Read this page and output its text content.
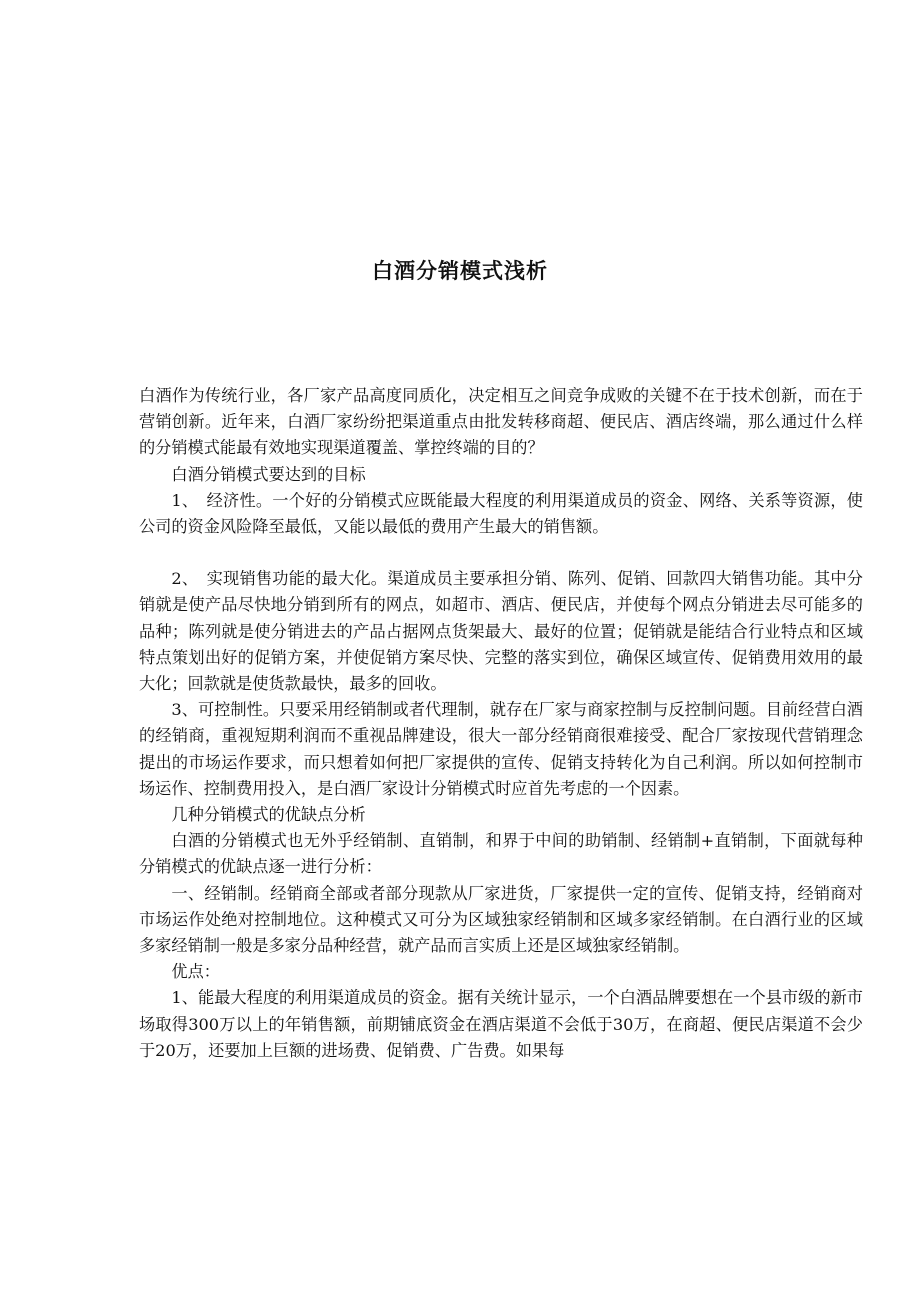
白酒分销模式浅析

白酒作为传统行业，各厂家产品高度同质化，决定相互之间竞争成败的关键不在于技术创新，而在于营销创新。近年来，白酒厂家纷纷把渠道重点由批发转移商超、便民店、酒店终端，那么通过什么样的分销模式能最有效地实现渠道覆盖、掌控终端的目的？

白酒分销模式要达到的目标

1、　经济性。一个好的分销模式应既能最大程度的利用渠道成员的资金、网络、关系等资源，使公司的资金风险降至最低，又能以最低的费用产生最大的销售额。

2、　实现销售功能的最大化。渠道成员主要承担分销、陈列、促销、回款四大销售功能。其中分销就是使产品尽快地分销到所有的网点，如超市、酒店、便民店，并使每个网点分销进去尽可能多的品种；陈列就是使分销进去的产品占据网点货架最大、最好的位置；促销就是能结合行业特点和区域特点策划出好的促销方案，并使促销方案尽快、完整的落实到位，确保区域宣传、促销费用效用的最大化；回款就是使货款最快，最多的回收。

3、可控制性。只要采用经销制或者代理制，就存在厂家与商家控制与反控制问题。目前经营白酒的经销商，重视短期利润而不重视品牌建设，很大一部分经销商很难接受、配合厂家按现代营销理念提出的市场运作要求，而只想着如何把厂家提供的宣传、促销支持转化为自己利润。所以如何控制市场运作、控制费用投入，是白酒厂家设计分销模式时应首先考虑的一个因素。

几种分销模式的优缺点分析

白酒的分销模式也无外乎经销制、直销制，和界于中间的助销制、经销制+直销制，下面就每种分销模式的优缺点逐一进行分析：

一、经销制。经销商全部或者部分现款从厂家进货，厂家提供一定的宣传、促销支持，经销商对市场运作处绝对控制地位。这种模式又可分为区域独家经销制和区域多家经销制。在白酒行业的区域多家经销制一般是多家分品种经营，就产品而言实质上还是区域独家经销制。

优点：

1、能最大程度的利用渠道成员的资金。据有关统计显示，一个白酒品牌要想在一个县市级的新市场取得300万以上的年销售额，前期铺底资金在酒店渠道不会低于30万，在商超、便民店渠道不会少于20万，还要加上巨额的进场费、促销费、广告费。如果每
